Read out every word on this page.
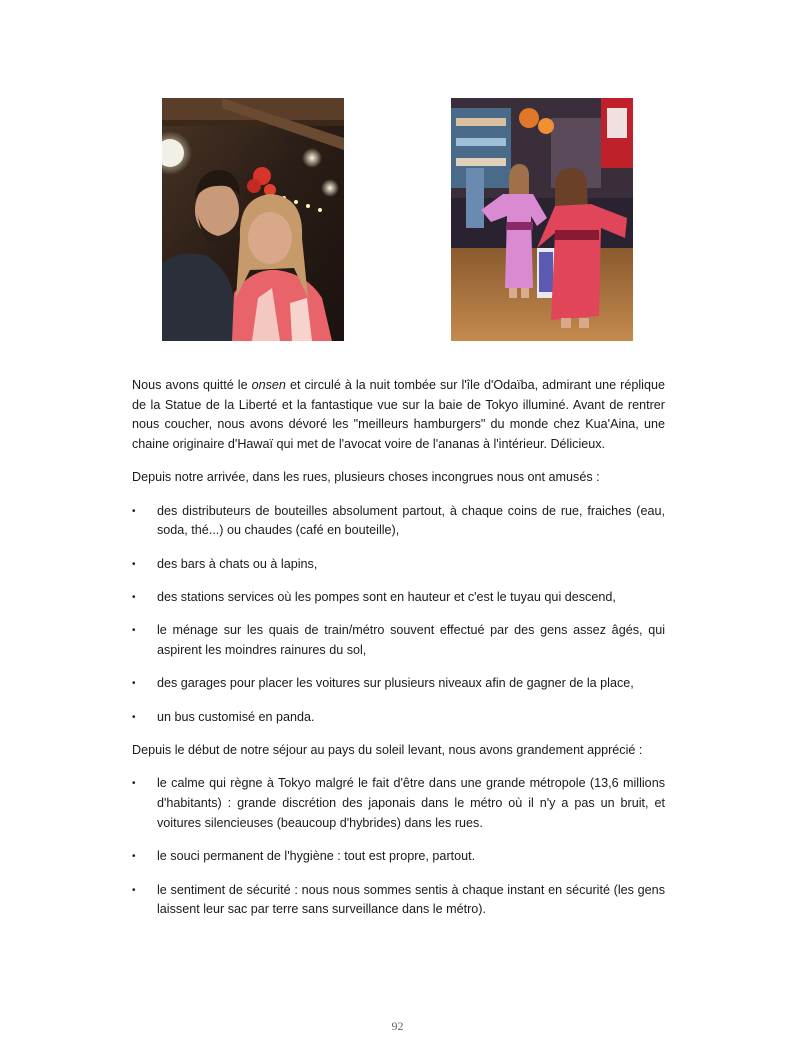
Nous avons quitté le onsen et circulé à la nuit tombée sur l'île d'Odaïba, admirant une réplique de la Statue de la Liberté et la fantastique vue sur la baie de Tokyo illuminé. Avant de rentrer nous coucher, nous avons dévoré les "meilleurs hamburgers" du monde chez Kua'Aina, une chaine originaire d'Hawaï qui met de l'avocat voire de l'ananas à l'intérieur. Délicieux.

Depuis notre arrivée, dans les rues, plusieurs choses incongrues nous ont amusés :

• des distributeurs de bouteilles absolument partout, à chaque coins de rue, fraiches (eau, soda, thé...) ou chaudes (café en bouteille),
• des bars à chats ou à lapins,
• des stations services où les pompes sont en hauteur et c'est le tuyau qui descend,
• le ménage sur les quais de train/métro souvent effectué par des gens assez âgés, qui aspirent les moindres rainures du sol,
• des garages pour placer les voitures sur plusieurs niveaux afin de gagner de la place,
• un bus customisé en panda.

Depuis le début de notre séjour au pays du soleil levant, nous avons grandement apprécié :

• le calme qui règne à Tokyo malgré le fait d'être dans une grande métropole (13,6 millions d'habitants) : grande discrétion des japonais dans le métro où il n'y a pas un bruit, et voitures silencieuses (beaucoup d'hybrides) dans les rues.
• le souci permanent de l'hygiène : tout est propre, partout.
• le sentiment de sécurité : nous nous sommes sentis à chaque instant en sécurité (les gens laissent leur sac par terre sans surveillance dans le métro).
92
